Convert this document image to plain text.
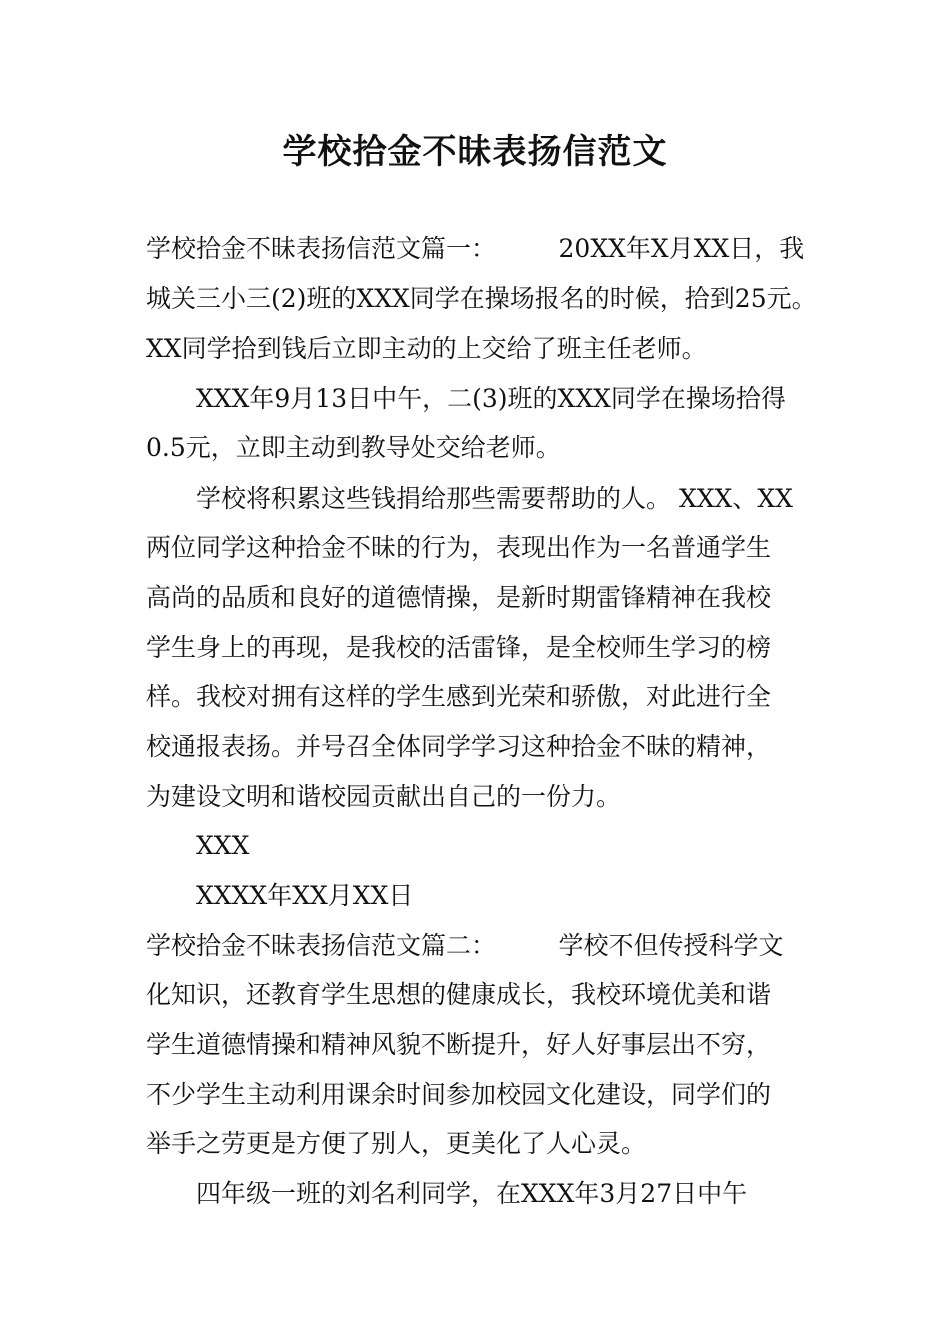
学校拾金不昧表扬信范文
学校拾金不昧表扬信范文篇一：　　　20XX年X月XX日，我
城关三小三(2)班的XXX同学在操场报名的时候，拾到25元。
XX同学拾到钱后立即主动的上交给了班主任老师。
XXX年9月13日中午，二(3)班的XXX同学在操场拾得
0.5元，立即主动到教导处交给老师。
学校将积累这些钱捐给那些需要帮助的人。 XXX、XX
两位同学这种拾金不昧的行为，表现出作为一名普通学生
高尚的品质和良好的道德情操，是新时期雷锋精神在我校
学生身上的再现，是我校的活雷锋，是全校师生学习的榜
样。我校对拥有这样的学生感到光荣和骄傲，对此进行全
校通报表扬。并号召全体同学学习这种拾金不昧的精神，
为建设文明和谐校园贡献出自己的一份力。
XXX
XXXX年XX月XX日
学校拾金不昧表扬信范文篇二：　　　学校不但传授科学文
化知识，还教育学生思想的健康成长，我校环境优美和谐
学生道德情操和精神风貌不断提升，好人好事层出不穷，
不少学生主动利用课余时间参加校园文化建设，同学们的
举手之劳更是方便了别人，更美化了人心灵。
四年级一班的刘名利同学，在XXX年3月27日中午
